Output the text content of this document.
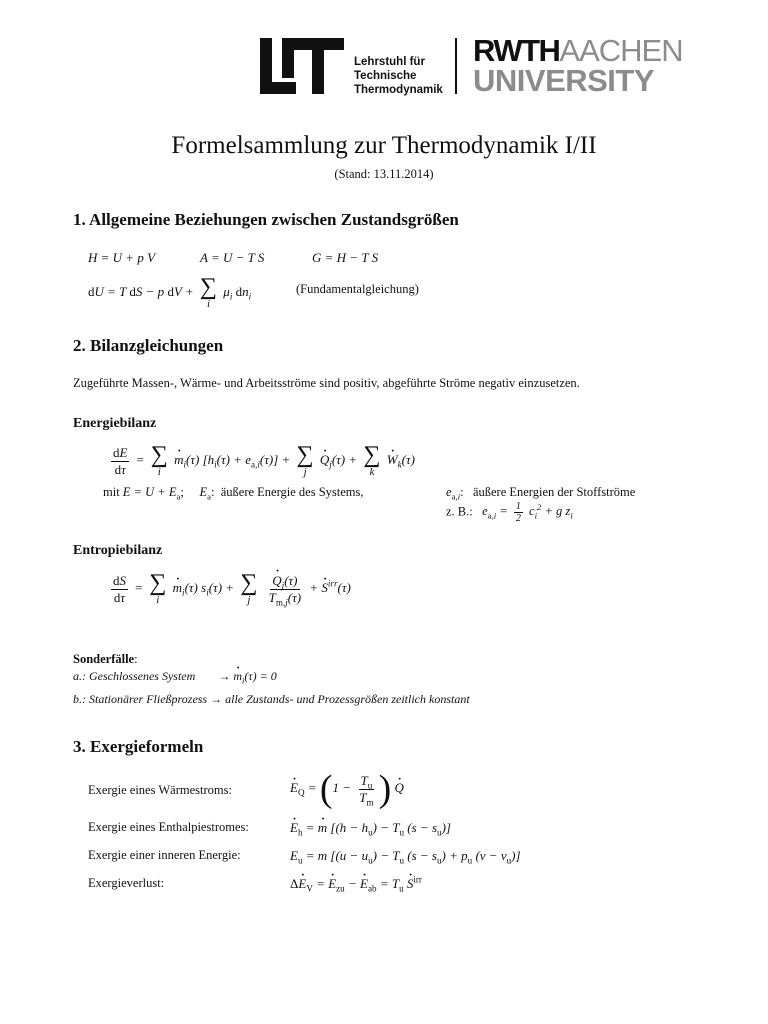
Lehrstuhl für
Technische
Thermodynamik
RWTHAACHEN
UNIVERSITY
Formelsammlung zur Thermodynamik I/II
(Stand: 13.11.2014)
1. Allgemeine Beziehungen zwischen Zustandsgrößen
H = U + p V	A = U − T S	G = H − T S
dU = T dS − p dV + ∑
i
$\mu_i$ $dn_i$
(Fundamentalgleichung)
2. Bilanzgleichungen
Zugeführte Massen-, Wärme- und Arbeitsströme sind positiv, abgeführte Ströme negativ einzusetzen.
Energiebilanz
$\frac{dE}{d\tau}$ = ∑
i
$m \cdot_i(\tau) [h_i(\tau) + e_{a,i}(\tau)]$ + ∑
j
$Q \cdot_j(\tau)$ + ∑
k
$W \cdot_k(\tau)$
mit $E = U + E_a$;     $E_a$:  äußere Energie des Systems,	$e_{a,i}$:   äußere Energien der Stoffströme
z. B.: $e_{a,i} = \frac{1}{2} c_i^2 + g$ $z_i$
Entropiebilanz
$\frac{dS}{d\tau}$ = ∑
i
$m \cdot_i(\tau) s_i(\tau)$ + ∑
j
$\frac{Q \cdot_j(\tau)}{T_{m,j}(\tau)} + S \cdot^{irr}(\tau)$
Sonderfälle:
a.: Geschlossenes System → $m \cdot_i(\tau) = 0$
b.: Stationärer Fließprozess → alle Zustands- und Prozessgrößen zeitlich konstant
3. Exergieformeln
Exergie eines Wärmestroms:	$E \cdot_Q = (1 - \frac{T_u}{T_m}$ ) Q ·
Exergie eines Enthalpiestromes:	$E \cdot_h = m \cdot [(h - h_u) - T_u$ $(s - s_u)$]
Exergie einer inneren Energie:	$E_u = m$ [$(u - u_u) - T_u$ $(s - s_u) + p_u$ $(v - v_u)$]
Exergieverlust:	$\Delta E \cdot_V = E \cdot_{zu} - E \cdot_{ab} = T_u$ S ·$^{irr}$
